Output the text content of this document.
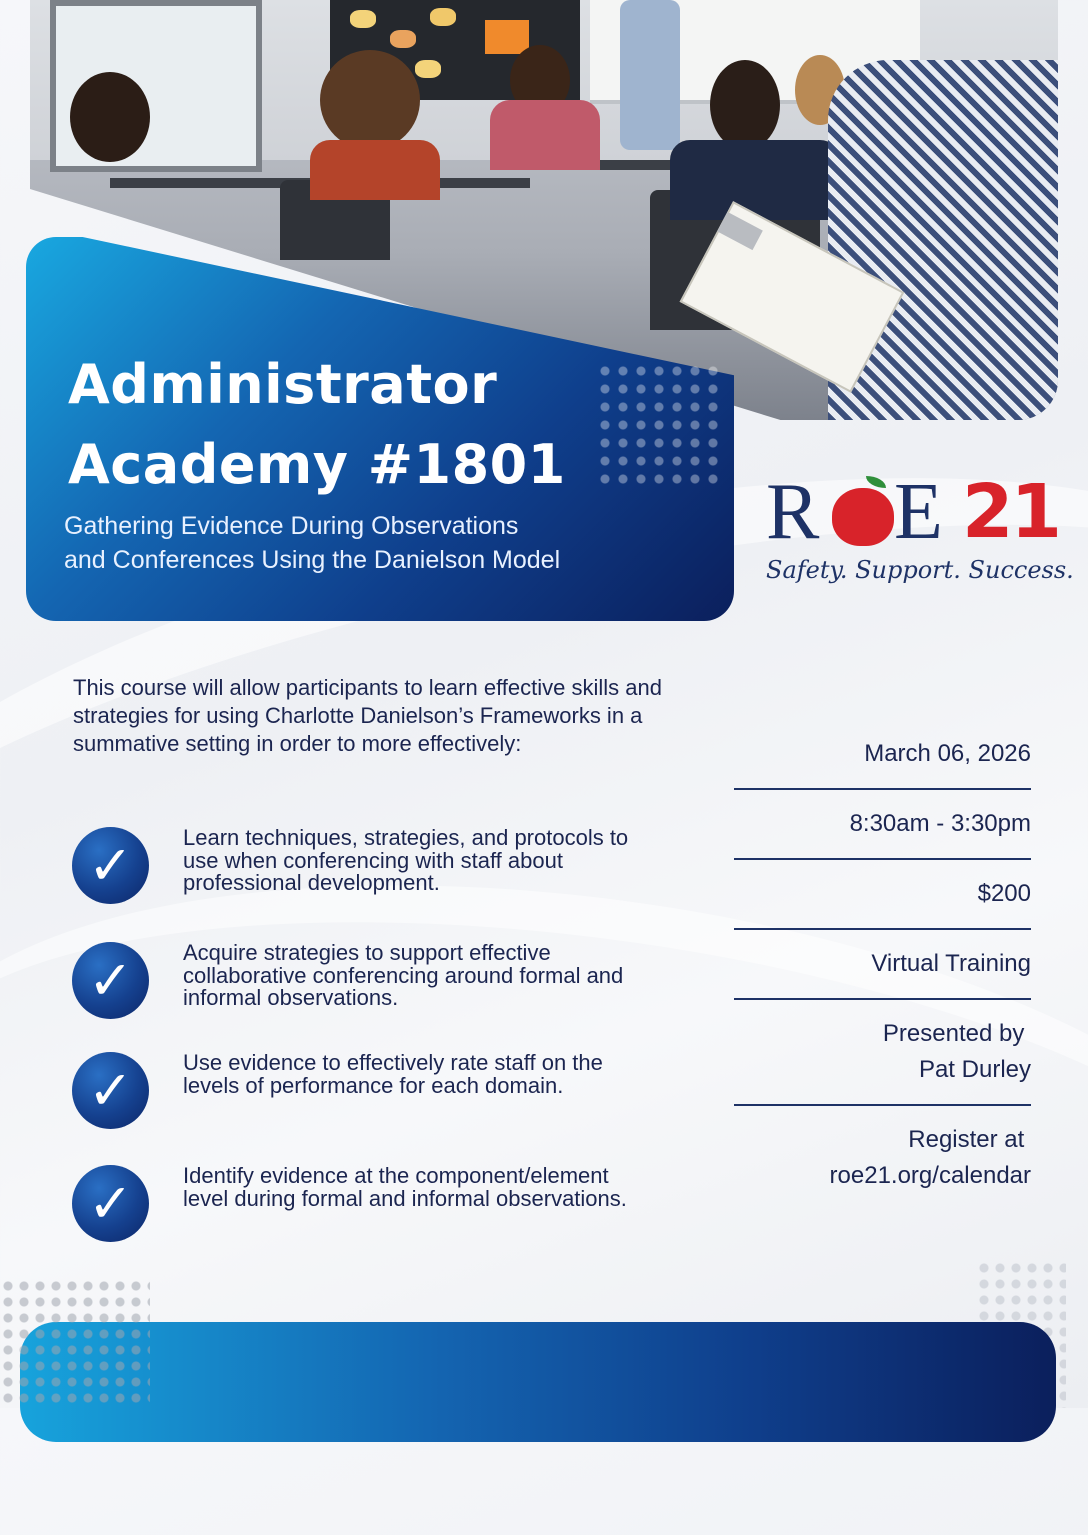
Administrator
Academy #1801

Gathering Evidence During Observations
and Conferences Using the Danielson Model

R E 21
Safety. Support. Success.

This course will allow participants to learn effective skills and strategies for using Charlotte Danielson’s Frameworks in a summative setting in order to more effectively:

✓	Learn techniques, strategies, and protocols to use when conferencing with staff about professional development.

✓	Acquire strategies to support effective collaborative conferencing around formal and informal observations.

✓	Use evidence to effectively rate staff on the levels of performance for each domain.

✓	Identify evidence at the component/element level during formal and informal observations.

March 06, 2026
8:30am - 3:30pm
$200
Virtual Training
Presented by
Pat Durley
Register at
roe21.org/calendar
